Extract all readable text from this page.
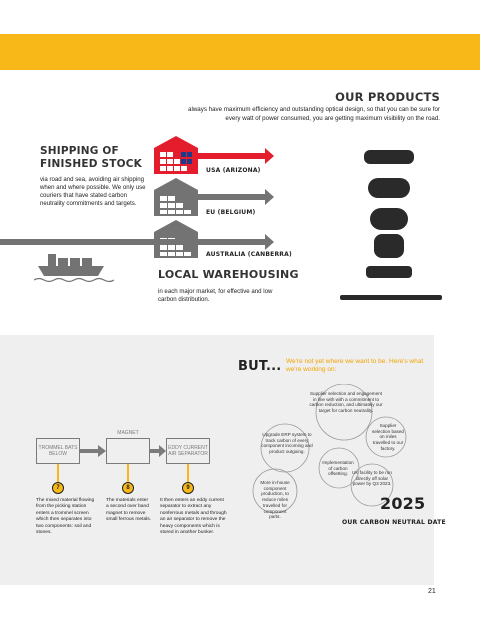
OUR PRODUCTS
always have maximum efficiency and outstanding optical design, so that you can be sure for every watt of power consumed, you are getting maximum visibility on the road.
SHIPPING OF FINISHED STOCK
via road and sea, avoiding air shipping when and where possible. We only use couriers that have stated carbon neutrality commitments and targets.
USA (ARIZONA)
EU (BELGIUM)
AUSTRALIA (CANBERRA)
LOCAL WAREHOUSING
in each major market, for effective and low carbon distribution.
TROMMEL BATS BELOW
MAGNET
EDDY CURRENT AIR SEPARATOR
7	8	9
The mixed material flowing from the picking station enters a trommel screen which then separates into two components: soil and stones.
The materials enter a second over band magnet to remove small ferrous metals.
It then enters an eddy current separator to extract any nonferrous metals and through an air separator to remove the heavy components which is stored in another bunker.
BUT... We're not yet where we want to be. Here's what we're working on:
Supplier selection and engagement in line with with a commitment to carbon reduction, and ultimately our target for carbon neutrality.
Upgrade ERP system to track carbon of every component incoming and product outgoing.
Supplier selection based on miles travelled to our factory.
Implementation of carbon offsetting.
More in-house component production, to reduce miles travelled for component parts.
UK facility to be run directly off solar power by Q3 2023.
2025
OUR CARBON NEUTRAL DATE
21
